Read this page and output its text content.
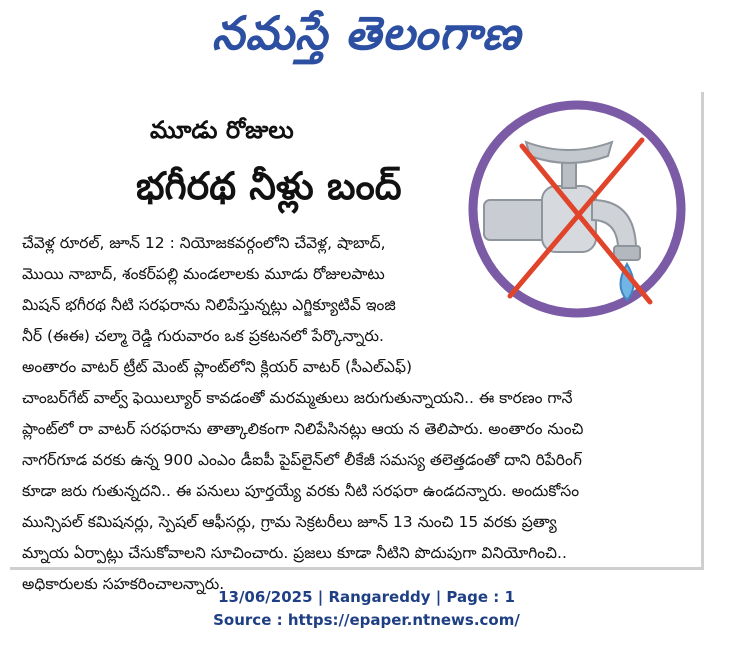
నమస్తే తెలంగాణ
మూడు రోజులు
భగీరథ నీళ్లు బంద్
చేవెళ్ల రూరల్, జూన్ 12 : నియోజకవర్గంలోని చేవెళ్ల, షాబాద్,
మొయి నాబాద్, శంకర్‌పల్లి మండలాలకు మూడు రోజులపాటు
మిషన్ భగీరథ నీటి సరఫరాను నిలిపేస్తున్నట్లు ఎగ్జిక్యూటివ్ ఇంజి
నీర్ (ఈఈ) చల్మా రెడ్డి గురువారం ఒక ప్రకటనలో పేర్కొన్నారు.
అంతారం వాటర్ ట్రీట్ మెంట్ ప్లాంట్‌లోని క్లియర్ వాటర్ (సీఎల్‌ఎఫ్)
చాంబర్‌గేట్ వాల్వ్ ఫెయిల్యూర్ కావడంతో మరమ్మతులు జరుగుతున్నాయని.. ఈ కారణం గానే
ప్లాంట్‌లో రా వాటర్ సరఫరాను తాత్కాలికంగా నిలిపేసినట్లు ఆయ న తెలిపారు. అంతారం నుంచి
నాగర్‌గూడ వరకు ఉన్న 900 ఎంఎం డీఐపీ పైప్‌లైన్‌లో లీకేజీ సమస్య తలెత్తడంతో దాని రిపేరింగ్
కూడా జరు గుతున్నదని.. ఈ పనులు పూర్తయ్యే వరకు నీటి సరఫరా ఉండదన్నారు. అందుకోసం
మున్సిపల్ కమిషనర్లు, స్పెషల్ ఆఫీసర్లు, గ్రామ సెక్రటరీలు జూన్ 13 నుంచి 15 వరకు ప్రత్యా
మ్నాయ ఏర్పాట్లు చేసుకోవాలని సూచించారు. ప్రజలు కూడా నీటిని పొదుపుగా వినియోగించి..
అధికారులకు సహకరించాలన్నారు.
13/06/2025 | Rangareddy | Page : 1
Source : https://epaper.ntnews.com/
